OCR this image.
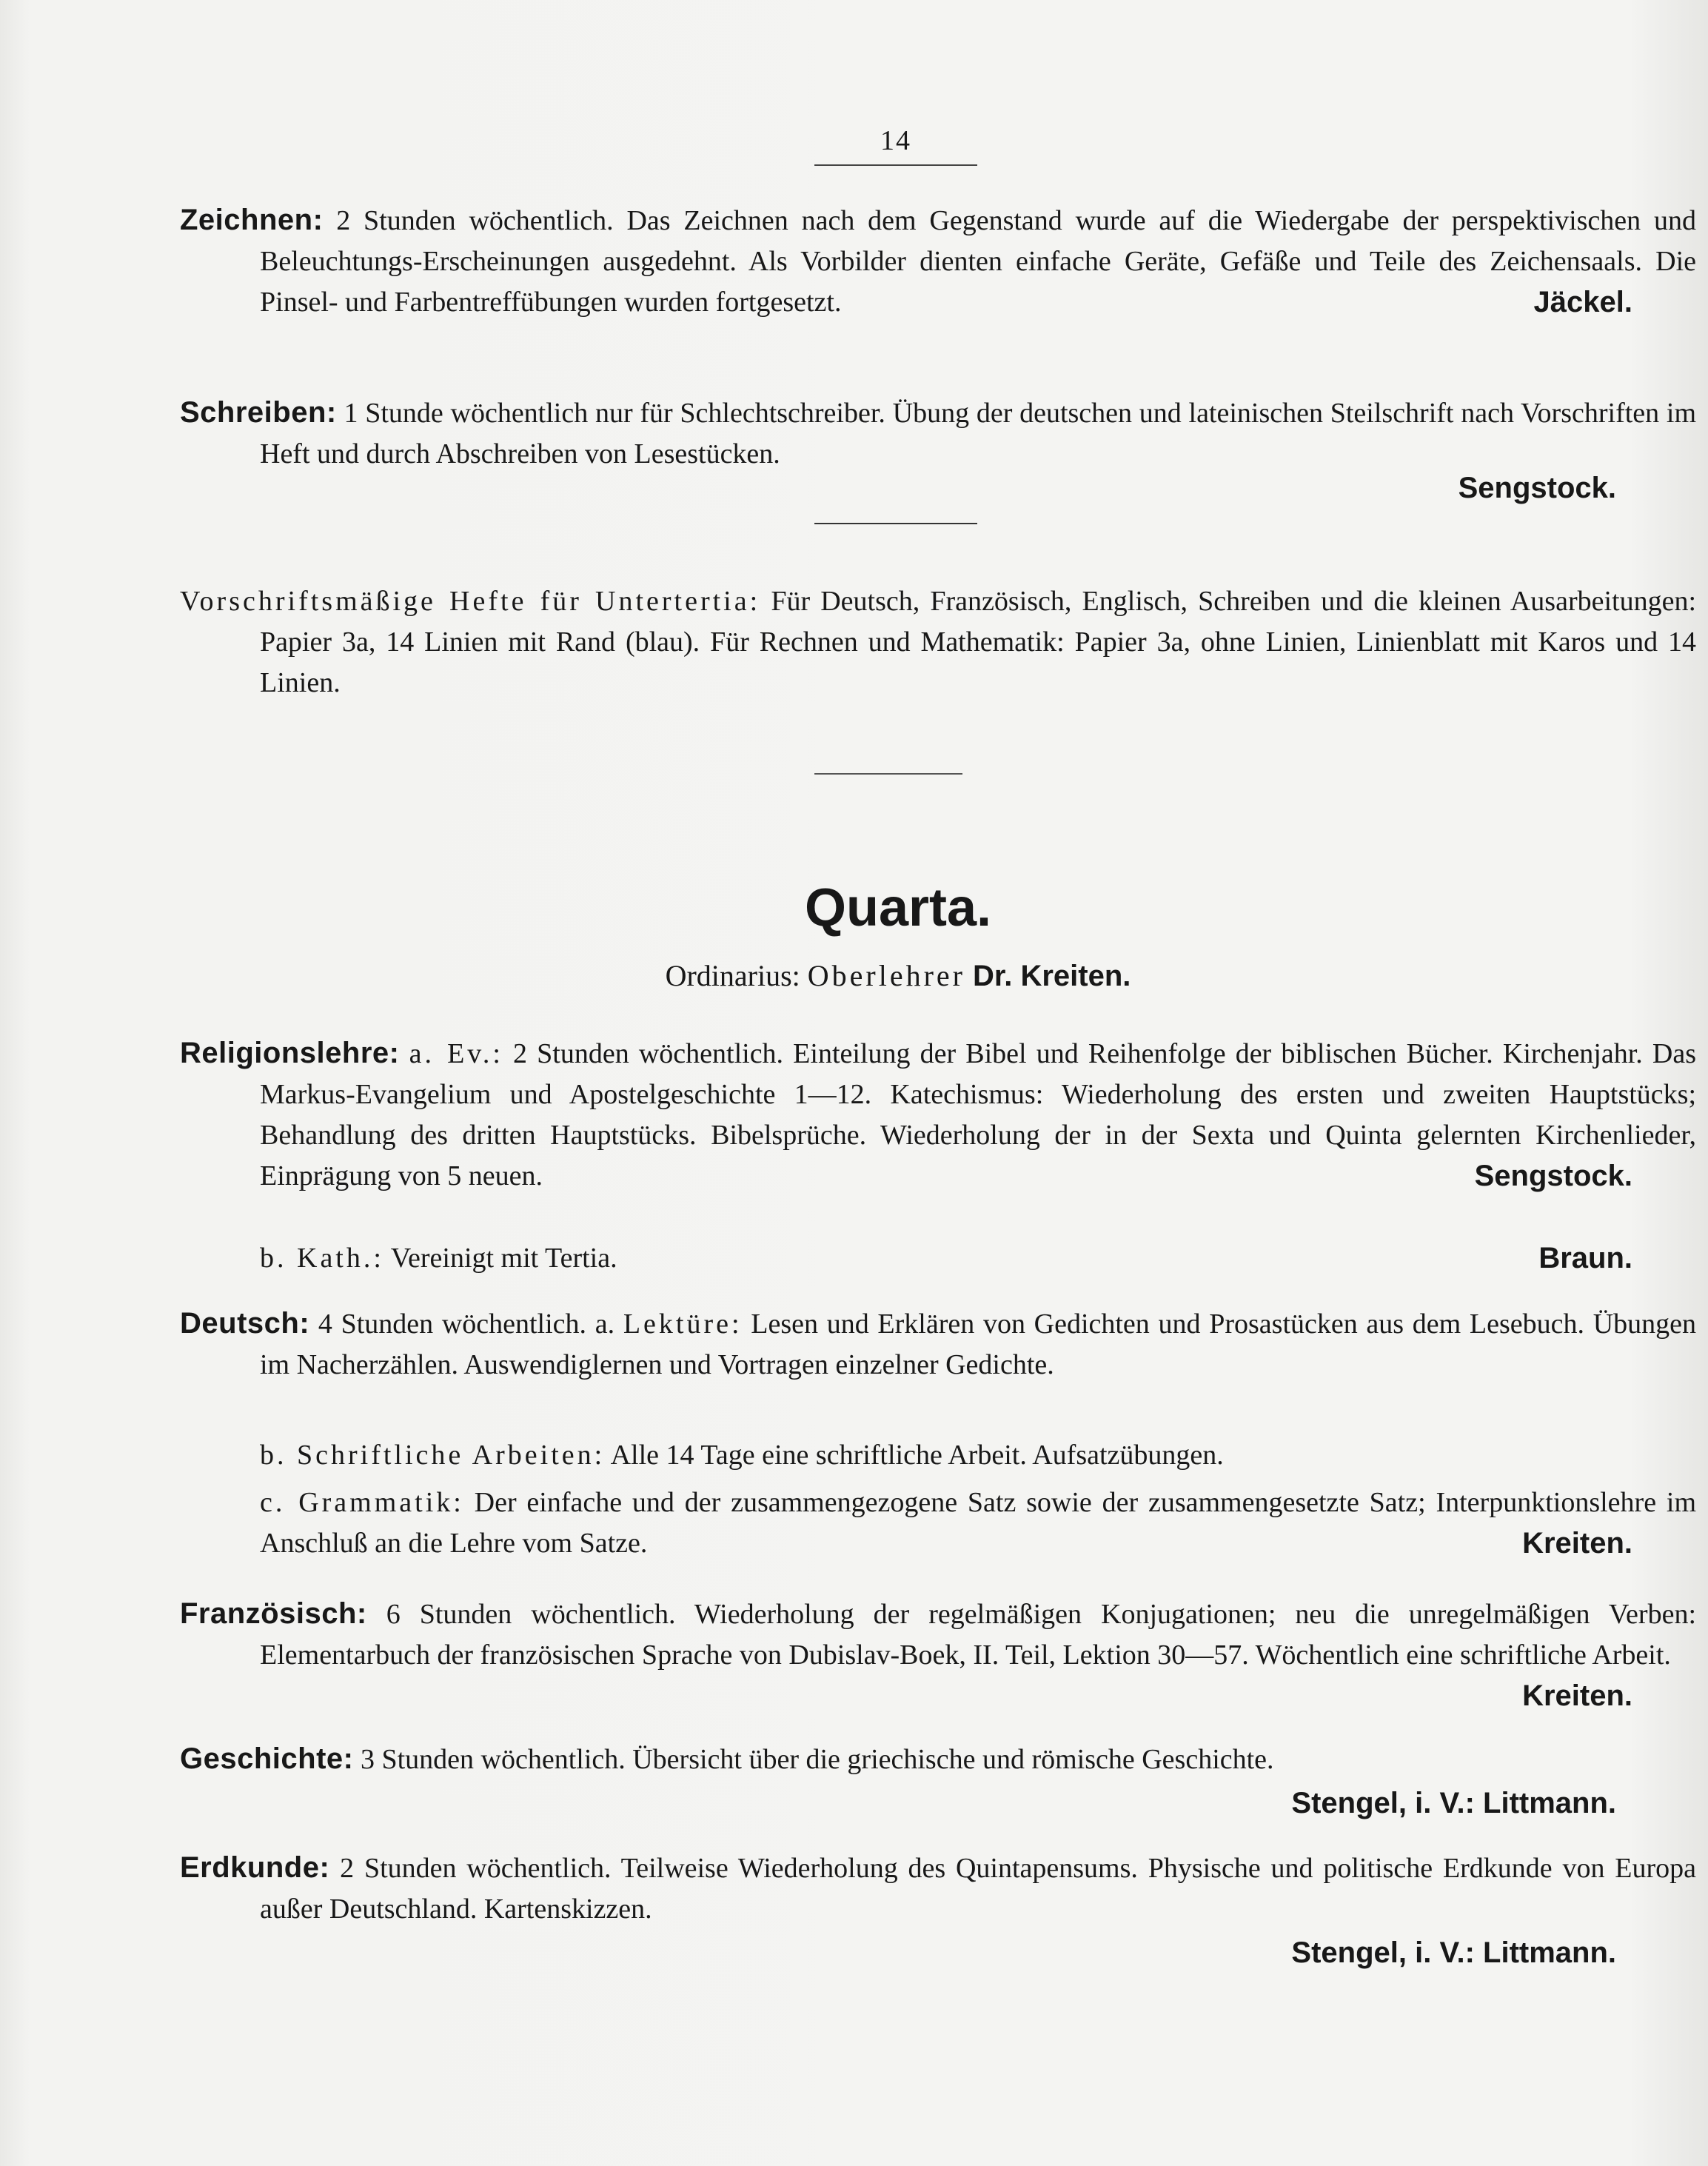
14
Zeichnen: 2 Stunden wöchentlich. Das Zeichnen nach dem Gegenstand wurde auf die Wiedergabe der perspektivischen und Beleuchtungs-Erscheinungen ausgedehnt. Als Vorbilder dienten einfache Geräte, Gefäße und Teile des Zeichensaals. Die Pinsel- und Farbentreffübungen wurden fortgesetzt.	Jäckel.
Schreiben: 1 Stunde wöchentlich nur für Schlechtschreiber. Übung der deutschen und lateinischen Steilschrift nach Vorschriften im Heft und durch Abschreiben von Lesestücken.
Sengstock.
Vorschriftsmäßige Hefte für Untertertia: Für Deutsch, Französisch, Englisch, Schreiben und die kleinen Ausarbeitungen: Papier 3a, 14 Linien mit Rand (blau). Für Rechnen und Mathematik: Papier 3a, ohne Linien, Linienblatt mit Karos und 14 Linien.
Quarta.
Ordinarius: Oberlehrer Dr. Kreiten.
Religionslehre: a. Ev.: 2 Stunden wöchentlich. Einteilung der Bibel und Reihenfolge der biblischen Bücher. Kirchenjahr. Das Markus-Evangelium und Apostelgeschichte 1—12. Katechismus: Wiederholung des ersten und zweiten Hauptstücks; Behandlung des dritten Hauptstücks. Bibelsprüche. Wiederholung der in der Sexta und Quinta gelernten Kirchenlieder, Einprägung von 5 neuen.	Sengstock.
b. Kath.: Vereinigt mit Tertia.	Braun.
Deutsch: 4 Stunden wöchentlich. a. Lektüre: Lesen und Erklären von Gedichten und Prosastücken aus dem Lesebuch. Übungen im Nacherzählen. Auswendiglernen und Vortragen einzelner Gedichte.
b. Schriftliche Arbeiten: Alle 14 Tage eine schriftliche Arbeit. Aufsatzübungen.
c. Grammatik: Der einfache und der zusammengezogene Satz sowie der zusammengesetzte Satz; Interpunktionslehre im Anschluß an die Lehre vom Satze.	Kreiten.
Französisch: 6 Stunden wöchentlich. Wiederholung der regelmäßigen Konjugationen; neu die unregelmäßigen Verben: Elementarbuch der französischen Sprache von Dubislav-Boek, II. Teil, Lektion 30—57. Wöchentlich eine schriftliche Arbeit.
Kreiten.
Geschichte: 3 Stunden wöchentlich. Übersicht über die griechische und römische Geschichte.
Stengel, i. V.: Littmann.
Erdkunde: 2 Stunden wöchentlich. Teilweise Wiederholung des Quintapensums. Physische und politische Erdkunde von Europa außer Deutschland. Kartenskizzen.
Stengel, i. V.: Littmann.
